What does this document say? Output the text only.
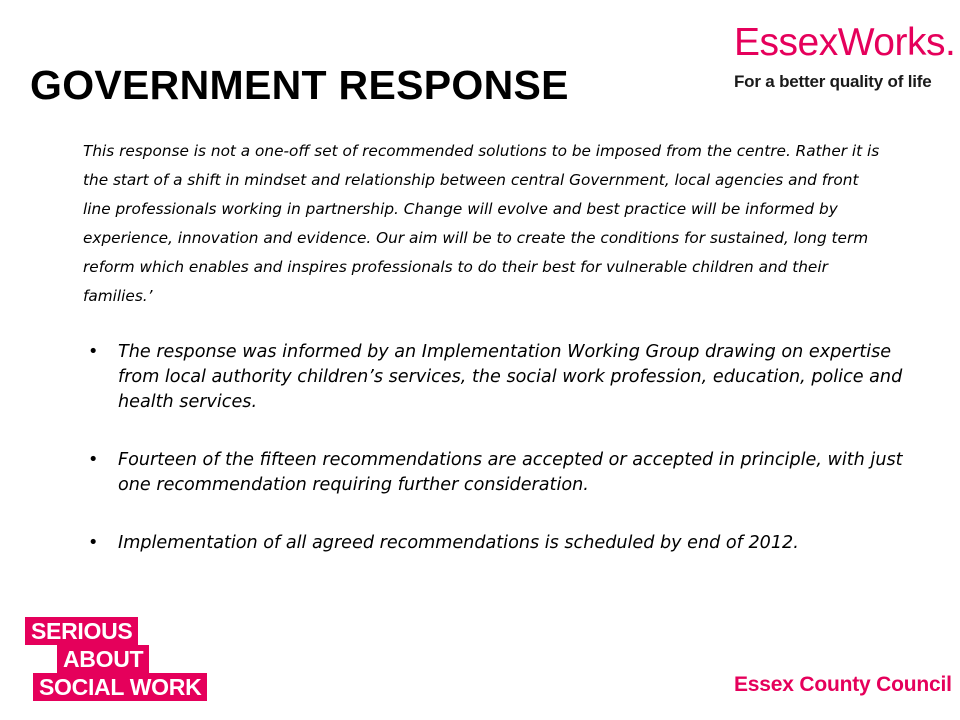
GOVERNMENT RESPONSE
EssexWorks.
For a better quality of life

This response is not a one-off set of recommended solutions to be imposed from the centre. Rather it is the start of a shift in mindset and relationship between central Government, local agencies and front line professionals working in partnership. Change will evolve and best practice will be informed by experience, innovation and evidence. Our aim will be to create the conditions for sustained, long term reform which enables and inspires professionals to do their best for vulnerable children and their families.’

• The response was informed by an Implementation Working Group drawing on expertise from local authority children’s services, the social work profession, education, police and health services.
• Fourteen of the fifteen recommendations are accepted or accepted in principle, with just one recommendation requiring further consideration.
• Implementation of all agreed recommendations is scheduled by end of 2012.
SERIOUS
ABOUT
SOCIAL WORK	Essex County Council
